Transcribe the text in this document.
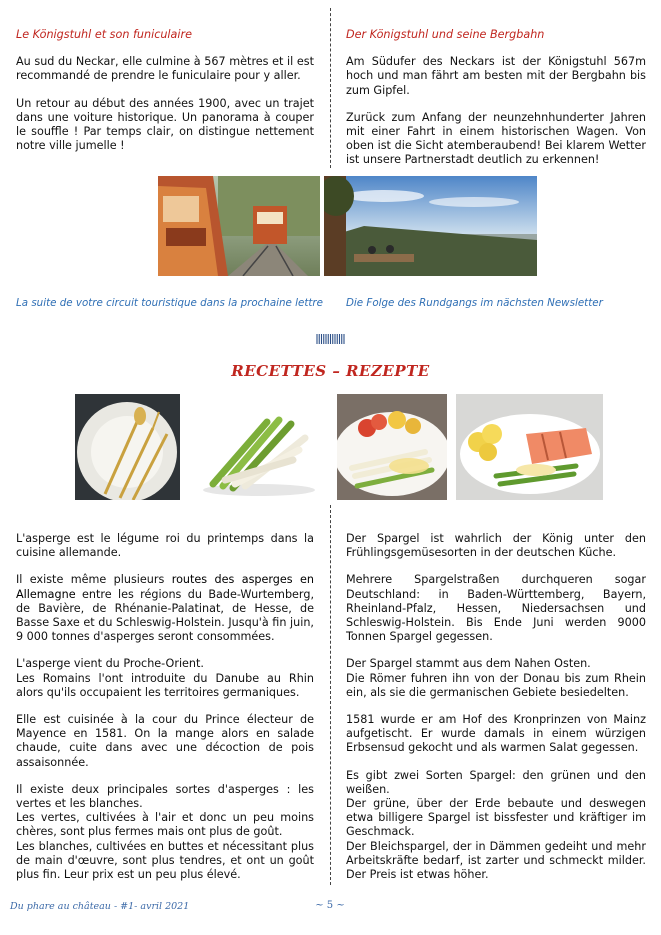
Le Königstuhl et son funiculaire
Au sud du Neckar, elle culmine à 567 mètres et il est recommandé de prendre le funiculaire pour y aller.
Un retour au début des années 1900, avec un trajet dans une voiture historique. Un panorama à couper le souffle ! Par temps clair, on distingue nettement notre ville jumelle !
Der Königstuhl und seine Bergbahn
Am Südufer des Neckars ist der Königstuhl 567m hoch und man fährt am besten mit der Bergbahn bis zum Gipfel.
Zurück zum Anfang der neunzehnhunderter Jahren mit einer Fahrt in einem historischen Wagen. Von oben ist die Sicht atemberaubend! Bei klarem Wetter ist unsere Partnerstadt deutlich zu erkennen!
La suite de votre circuit touristique dans la prochaine lettre Die Folge des Rundgangs im nächsten Newsletter
ꟾꟾꟾꟾꟾꟾꟾꟾꟾꟾꟾꟾꟾ
RECETTES – REZEPTE
L'asperge est le légume roi du printemps dans la cuisine allemande.
Il existe même plusieurs routes des asperges en Allemagne entre les régions du Bade-Wurtemberg, de Bavière, de Rhénanie-Palatinat, de Hesse, de Basse Saxe et du Schleswig-Holstein. Jusqu'à fin juin, 9 000 tonnes d'asperges seront consommées.
L'asperge vient du Proche-Orient.
Les Romains l'ont introduite du Danube au Rhin alors qu'ils occupaient les territoires germaniques.
Elle est cuisinée à la cour du Prince électeur de Mayence en 1581. On la mange alors en salade chaude, cuite dans avec une décoction de pois assaisonnée.
Il existe deux principales sortes d'asperges : les vertes et les blanches.
Les vertes, cultivées à l'air et donc un peu moins chères, sont plus fermes mais ont plus de goût.
Les blanches, cultivées en buttes et nécessitant plus de main d'œuvre, sont plus tendres, et ont un goût plus fin. Leur prix est un peu plus élevé.
Der Spargel ist wahrlich der König unter den Frühlingsgemüsesorten in der deutschen Küche.
Mehrere Spargelstraßen durchqueren sogar Deutschland: in Baden-Württemberg, Bayern, Rheinland-Pfalz, Hessen, Niedersachsen und Schleswig-Holstein. Bis Ende Juni werden 9000 Tonnen Spargel gegessen.
Der Spargel stammt aus dem Nahen Osten.
Die Römer fuhren ihn von der Donau bis zum Rhein ein, als sie die germanischen Gebiete besiedelten.
1581 wurde er am Hof des Kronprinzen von Mainz aufgetischt. Er wurde damals in einem würzigen Erbsensud gekocht und als warmen Salat gegessen.
Es gibt zwei Sorten Spargel: den grünen und den weißen.
Der grüne, über der Erde bebaute und deswegen etwa billigere Spargel ist bissfester und kräftiger im Geschmack.
Der Bleichspargel, der in Dämmen gedeiht und mehr Arbeitskräfte bedarf, ist zarter und schmeckt milder. Der Preis ist etwas höher.
Du phare au château - #1- avril 2021	~ 5 ~
